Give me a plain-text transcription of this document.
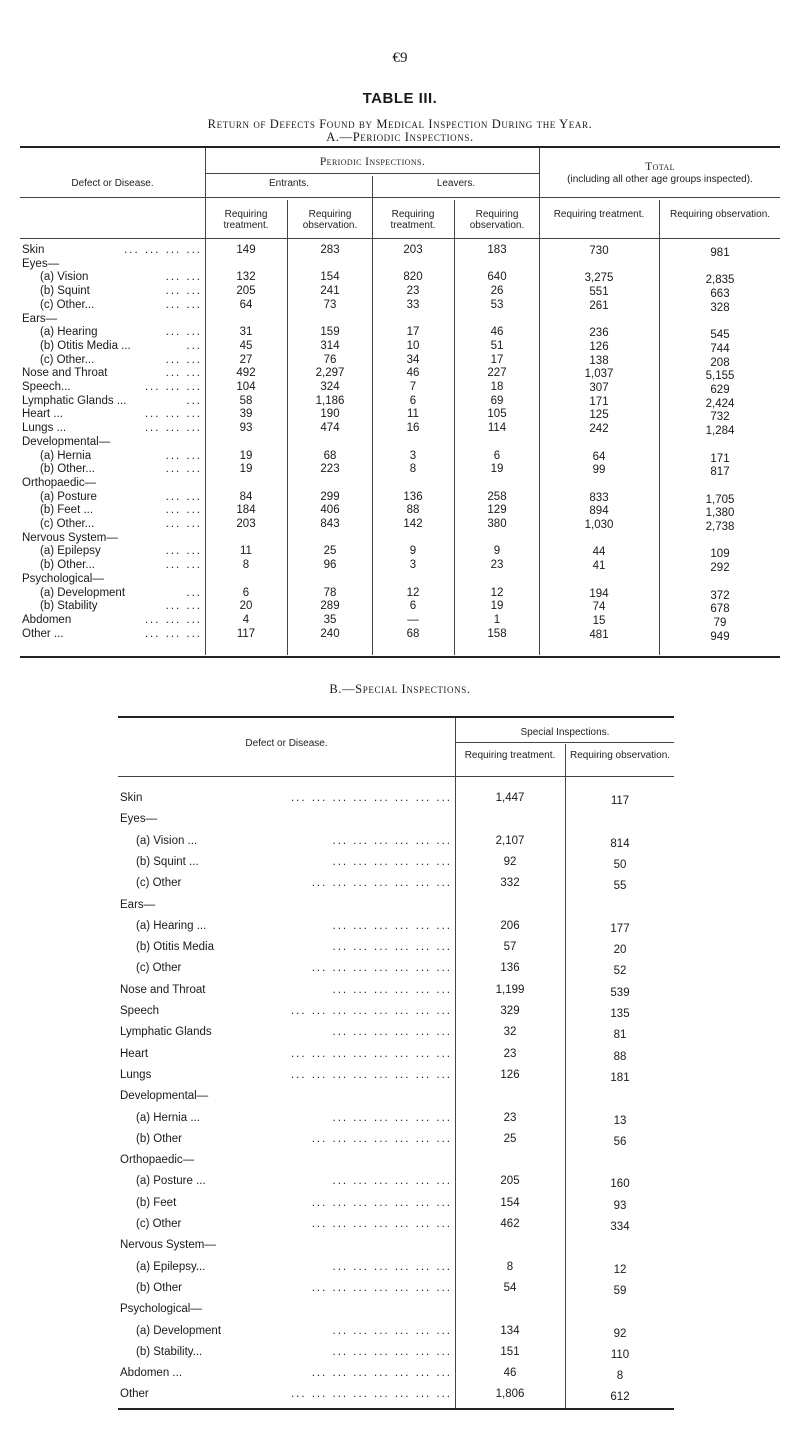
€9
TABLE III.
Return of Defects Found by Medical Inspection During the Year.
A.—Periodic Inspections.
Defect or Disease.
Periodic Inspections.	Total
(including all other age groups inspected).
Entrants.	Leavers.
Requiring treatment.
Requiring observation.
Requiring treatment.
Requiring observation.
Requiring treatment.	Requiring observation.
Skin	... ... ... ...	149	283	203	183	730	981
Eyes—
(a) Vision	... ...	132	154	820	640	3,275	2,835
(b) Squint	... ...	205	241	23	26	551	663
(c) Other...	... ...	64	73	33	53	261	328
Ears—
(a) Hearing	... ...	31	159	17	46	236	545
(b) Otitis Media ...	...	45	314	10	51	126	744
(c) Other...	... ...	27	76	34	17	138	208
Nose and Throat	... ...	492	2,297	46	227	1,037	5,155
Speech...	... ... ...	104	324	7	18	307	629
Lymphatic Glands ...	...	58	1,186	6	69	171	2,424
Heart ...	... ... ...	39	190	11	105	125	732
Lungs ...	... ... ...	93	474	16	114	242	1,284
Developmental—
(a) Hernia	... ...	19	68	3	6	64	171
(b) Other...	... ...	19	223	8	19	99	817
Orthopaedic—
(a) Posture	... ...	84	299	136	258	833	1,705
(b) Feet ...	... ...	184	406	88	129	894	1,380
(c) Other...	... ...	203	843	142	380	1,030	2,738
Nervous System—
(a) Epilepsy	... ...	11	25	9	9	44	109
(b) Other...	... ...	8	96	3	23	41	292
Psychological—
(a) Development	...	6	78	12	12	194	372
(b) Stability	... ...	20	289	6	19	74	678
Abdomen	... ... ...	4	35	—	1	15	79
Other ...	... ... ...	117	240	68	158	481	949
B.—Special Inspections.
Defect or Disease.
Special Inspections.
Requiring treatment.	Requiring observation.
Skin	... ... ... ... ... ... ... ...	1,447	117
Eyes—
(a) Vision ...	... ... ... ... ... ...	2,107	814
(b) Squint ...	... ... ... ... ... ...	92	50
(c) Other	... ... ... ... ... ... ...	332	55
Ears—
(a) Hearing ...	... ... ... ... ... ...	206	177
(b) Otitis Media	... ... ... ... ... ...	57	20
(c) Other	... ... ... ... ... ... ...	136	52
Nose and Throat	... ... ... ... ... ...	1,199	539
Speech	... ... ... ... ... ... ... ...	329	135
Lymphatic Glands	... ... ... ... ... ...	32	81
Heart	... ... ... ... ... ... ... ...	23	88
Lungs	... ... ... ... ... ... ... ...	126	181
Developmental—
(a) Hernia ...	... ... ... ... ... ...	23	13
(b) Other	... ... ... ... ... ... ...	25	56
Orthopaedic—
(a) Posture ...	... ... ... ... ... ...	205	160
(b) Feet	... ... ... ... ... ... ...	154	93
(c) Other	... ... ... ... ... ... ...	462	334
Nervous System—
(a) Epilepsy...	... ... ... ... ... ...	8	12
(b) Other	... ... ... ... ... ... ...	54	59
Psychological—
(a) Development	... ... ... ... ... ...	134	92
(b) Stability...	... ... ... ... ... ...	151	110
Abdomen ...	... ... ... ... ... ... ...	46	8
Other	... ... ... ... ... ... ... ...	1,806	612
